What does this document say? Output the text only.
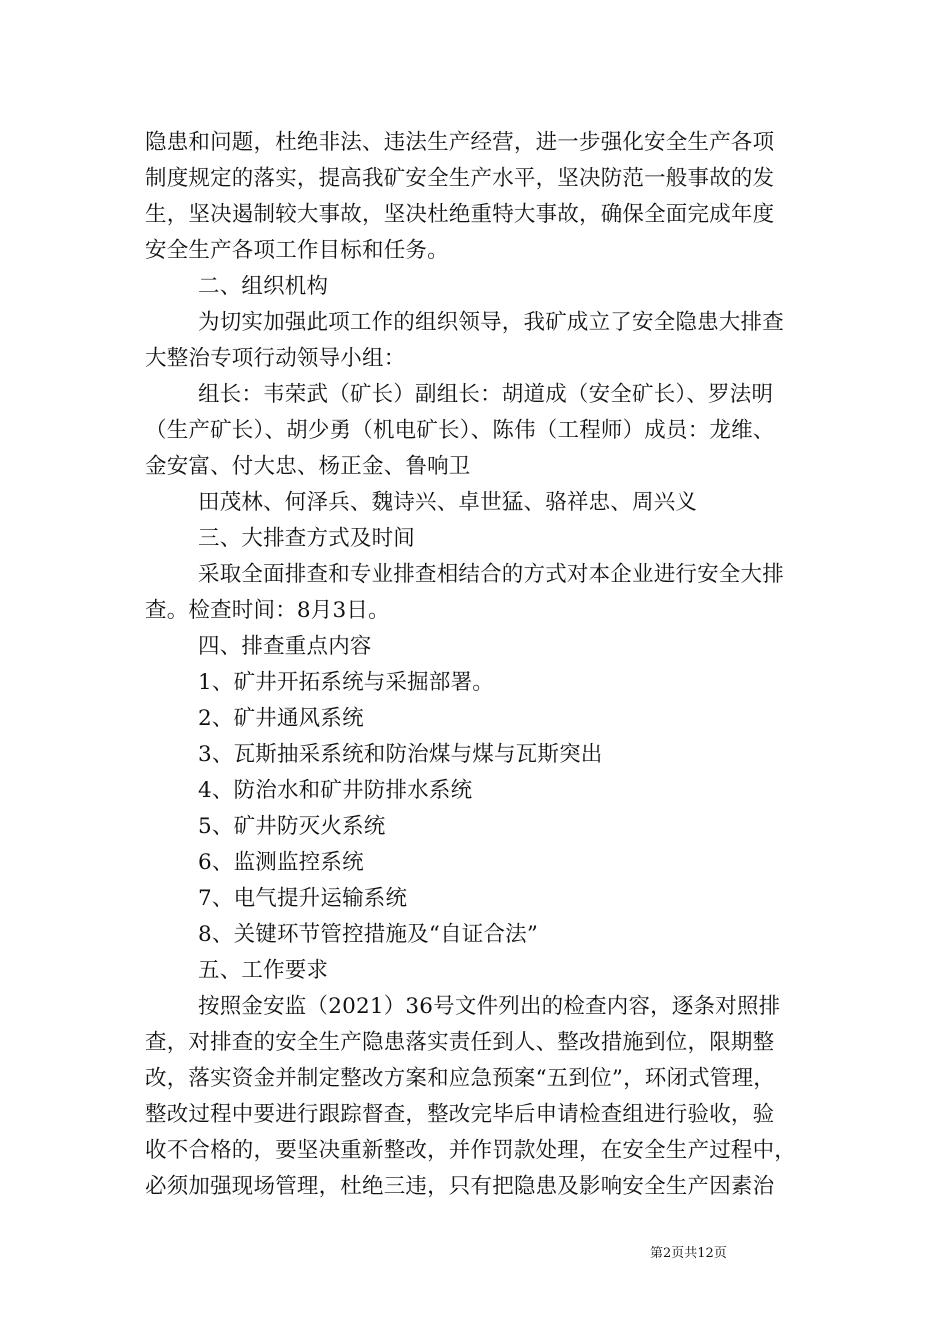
隐患和问题，杜绝非法、违法生产经营，进一步强化安全生产各项
制度规定的落实，提高我矿安全生产水平，坚决防范一般事故的发
生，坚决遏制较大事故，坚决杜绝重特大事故，确保全面完成年度
安全生产各项工作目标和任务。
二、组织机构
为切实加强此项工作的组织领导，我矿成立了安全隐患大排查
大整治专项行动领导小组：
组长：韦荣武（矿长）副组长：胡道成（安全矿长）、罗法明
（生产矿长）、胡少勇（机电矿长）、陈伟（工程师）成员：龙维、
金安富、付大忠、杨正金、鲁响卫
田茂林、何泽兵、魏诗兴、卓世猛、骆祥忠、周兴义
三、大排查方式及时间
采取全面排查和专业排查相结合的方式对本企业进行安全大排
查。检查时间：8月3日。
四、排查重点内容
1、矿井开拓系统与采掘部署。
2、矿井通风系统
3、瓦斯抽采系统和防治煤与煤与瓦斯突出
4、防治水和矿井防排水系统
5、矿井防灭火系统
6、监测监控系统
7、电气提升运输系统
8、关键环节管控措施及“自证合法”
五、工作要求
按照金安监（2021）36号文件列出的检查内容，逐条对照排
查，对排查的安全生产隐患落实责任到人、整改措施到位，限期整
改，落实资金并制定整改方案和应急预案“五到位”，环闭式管理，
整改过程中要进行跟踪督查，整改完毕后申请检查组进行验收，验
收不合格的，要坚决重新整改，并作罚款处理，在安全生产过程中，
必须加强现场管理，杜绝三违，只有把隐患及影响安全生产因素治
第2页共12页
